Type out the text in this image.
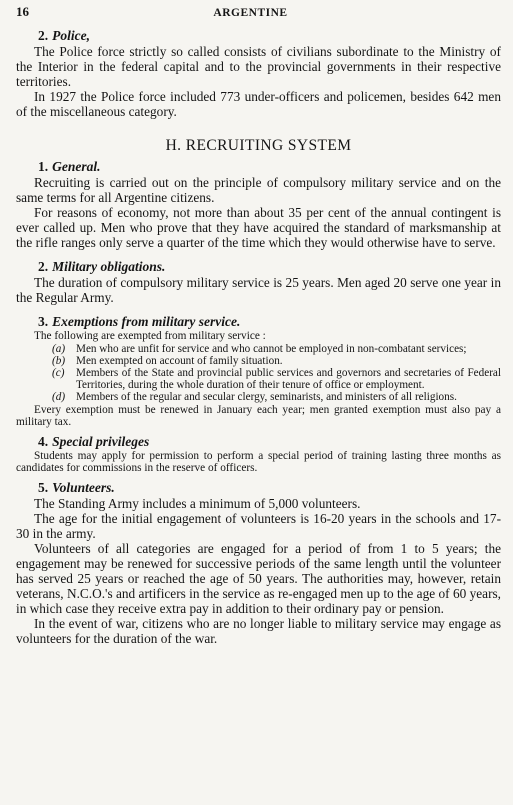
16	ARGENTINE
2. Police,

The Police force strictly so called consists of civilians subordinate to the Ministry of the Interior in the federal capital and to the provincial governments in their respective territories.

In 1927 the Police force included 773 under-officers and policemen, besides 642 men of the miscellaneous category.

H. RECRUITING SYSTEM
1. General.

Recruiting is carried out on the principle of compulsory military service and on the same terms for all Argentine citizens.

For reasons of economy, not more than about 35 per cent of the annual contingent is ever called up. Men who prove that they have acquired the standard of marksmanship at the rifle ranges only serve a quarter of the time which they would otherwise have to serve.

2. Military obligations.

The duration of compulsory military service is 25 years. Men aged 20 serve one year in the Regular Army.

3. Exemptions from military service.

The following are exempted from military service :

(a) Men who are unfit for service and who cannot be employed in non-combatant services;
(b) Men exempted on account of family situation.
(c)	Members of the State and provincial public services and governors and secretaries of Federal Territories, during the whole duration of their tenure of office or employment.
(d) Members of the regular and secular clergy, seminarists, and ministers of all religions.

Every exemption must be renewed in January each year; men granted exemption must also pay a military tax.

4. Special privileges

Students may apply for permission to perform a special period of training lasting three months as candidates for commissions in the reserve of officers.

5. Volunteers.

The Standing Army includes a minimum of 5,000 volunteers.

The age for the initial engagement of volunteers is 16-20 years in the schools and 17-30 in the army.

Volunteers of all categories are engaged for a period of from 1 to 5 years; the engagement may be renewed for successive periods of the same length until the volunteer has served 25 years or reached the age of 50 years. The authorities may, however, retain veterans, N.C.O.'s and artificers in the service as re-engaged men up to the age of 60 years, in which case they receive extra pay in addition to their ordinary pay or pension.

In the event of war, citizens who are no longer liable to military service may engage as volunteers for the duration of the war.
